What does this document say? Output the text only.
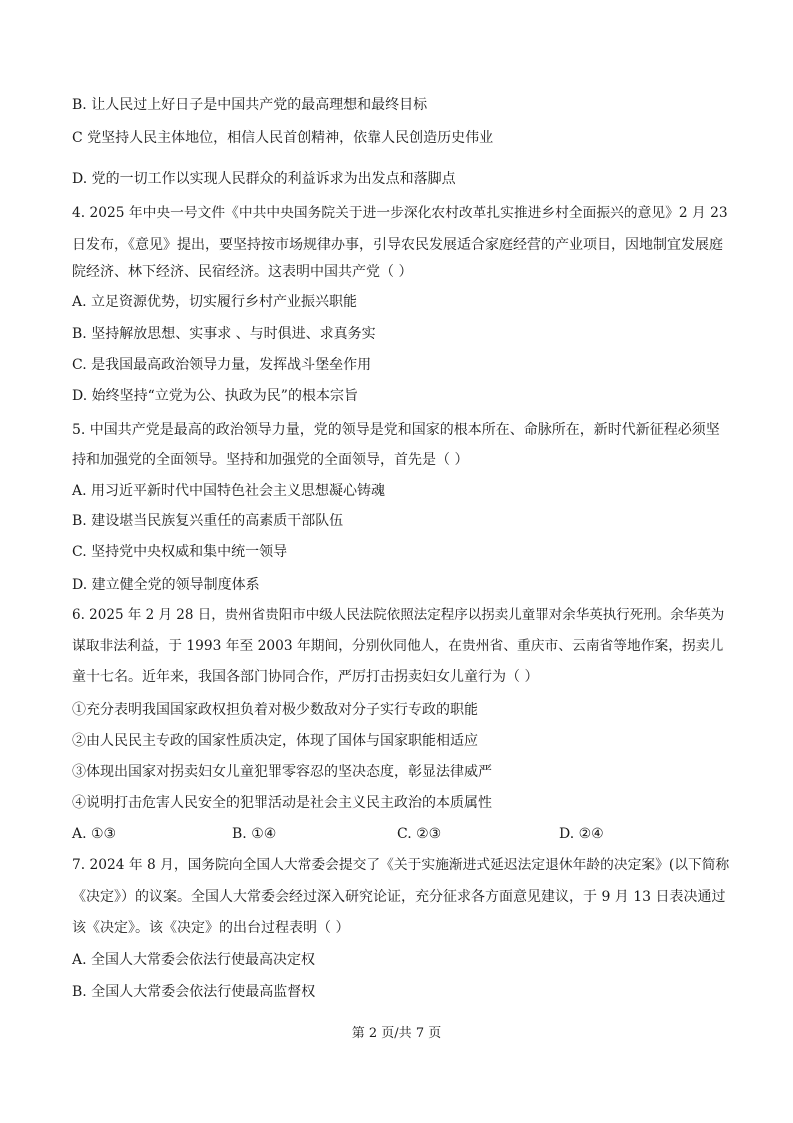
B. 让人民过上好日子是中国共产党的最高理想和最终目标
C 党坚持人民主体地位，相信人民首创精神，依靠人民创造历史伟业
D. 党的一切工作以实现人民群众的利益诉求为出发点和落脚点
4. 2025 年中央一号文件《中共中央国务院关于进一步深化农村改革扎实推进乡村全面振兴的意见》2 月 23
日发布，《意见》提出，要坚持按市场规律办事，引导农民发展适合家庭经营的产业项目，因地制宜发展庭
院经济、林下经济、民宿经济。这表明中国共产党（ ）
A. 立足资源优势，切实履行乡村产业振兴职能
B. 坚持解放思想、实事求 、与时俱进、求真务实
C. 是我国最高政治领导力量，发挥战斗堡垒作用
D. 始终坚持“立党为公、执政为民”的根本宗旨
5. 中国共产党是最高的政治领导力量，党的领导是党和国家的根本所在、命脉所在，新时代新征程必须坚
持和加强党的全面领导。坚持和加强党的全面领导，首先是（ ）
A. 用习近平新时代中国特色社会主义思想凝心铸魂
B. 建设堪当民族复兴重任的高素质干部队伍
C. 坚持党中央权威和集中统一领导
D. 建立健全党的领导制度体系
6. 2025 年 2 月 28 日，贵州省贵阳市中级人民法院依照法定程序以拐卖儿童罪对余华英执行死刑。余华英为
谋取非法利益，于 1993 年至 2003 年期间，分别伙同他人，在贵州省、重庆市、云南省等地作案，拐卖儿
童十七名。近年来，我国各部门协同合作，严厉打击拐卖妇女儿童行为（ ）
①充分表明我国国家政权担负着对极少数敌对分子实行专政的职能
②由人民民主专政的国家性质决定，体现了国体与国家职能相适应
③体现出国家对拐卖妇女儿童犯罪零容忍的坚决态度，彰显法律威严
④说明打击危害人民安全的犯罪活动是社会主义民主政治的本质属性
A. ①③	B. ①④	C. ②③	D. ②④
7. 2024 年 8 月，国务院向全国人大常委会提交了《关于实施渐进式延迟法定退休年龄的决定案》(以下简称
《决定》）的议案。全国人大常委会经过深入研究论证，充分征求各方面意见建议，于 9 月 13 日表决通过
该《决定》。该《决定》的出台过程表明（ ）
A. 全国人大常委会依法行使最高决定权
B. 全国人大常委会依法行使最高监督权
第 2 页/共 7 页
